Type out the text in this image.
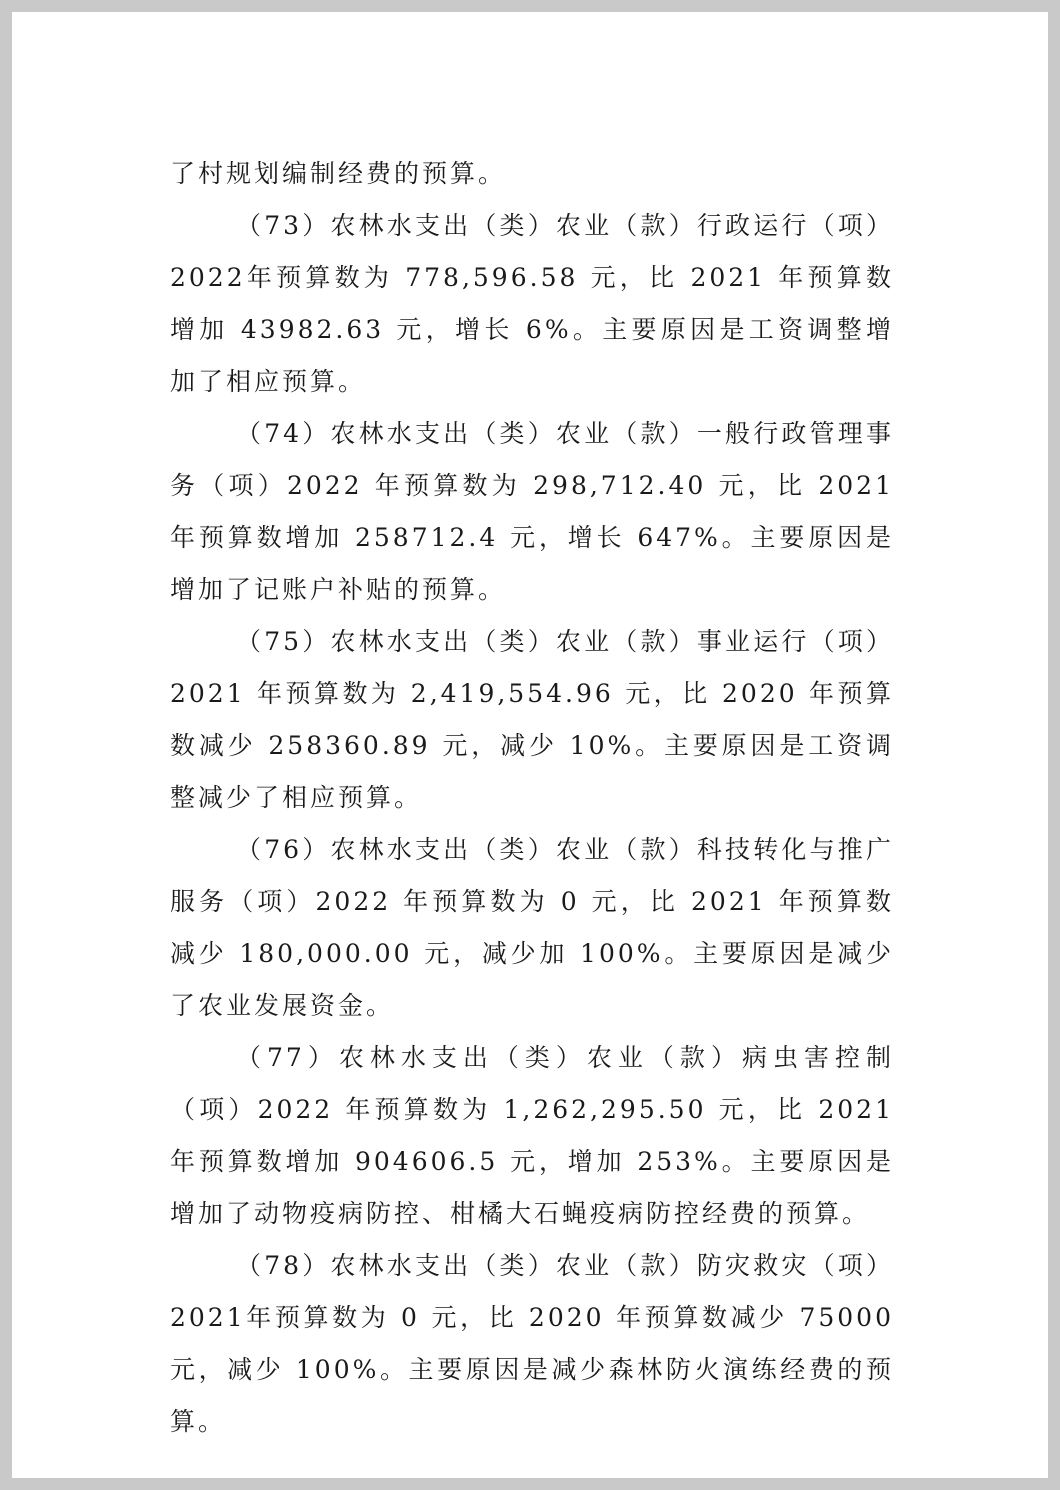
了村规划编制经费的预算。

（73）农林水支出（类）农业（款）行政运行（项）2022年预算数为 778,596.58 元，比 2021 年预算数增加 43982.63 元，增长 6%。主要原因是工资调整增加了相应预算。

（74）农林水支出（类）农业（款）一般行政管理事务（项）2022 年预算数为 298,712.40 元，比 2021 年预算数增加 258712.4 元，增长 647%。主要原因是增加了记账户补贴的预算。

（75）农林水支出（类）农业（款）事业运行（项）2021 年预算数为 2,419,554.96 元，比 2020 年预算数减少 258360.89 元，减少 10%。主要原因是工资调整减少了相应预算。

（76）农林水支出（类）农业（款）科技转化与推广服务（项）2022 年预算数为 0 元，比 2021 年预算数减少 180,000.00 元，减少加 100%。主要原因是减少了农业发展资金。

（77）农林水支出（类）农业（款）病虫害控制（项）2022 年预算数为 1,262,295.50 元，比 2021 年预算数增加 904606.5 元，增加 253%。主要原因是增加了动物疫病防控、柑橘大石蝇疫病防控经费的预算。

（78）农林水支出（类）农业（款）防灾救灾（项）2021年预算数为 0 元，比 2020 年预算数减少 75000 元，减少 100%。主要原因是减少森林防火演练经费的预算。
